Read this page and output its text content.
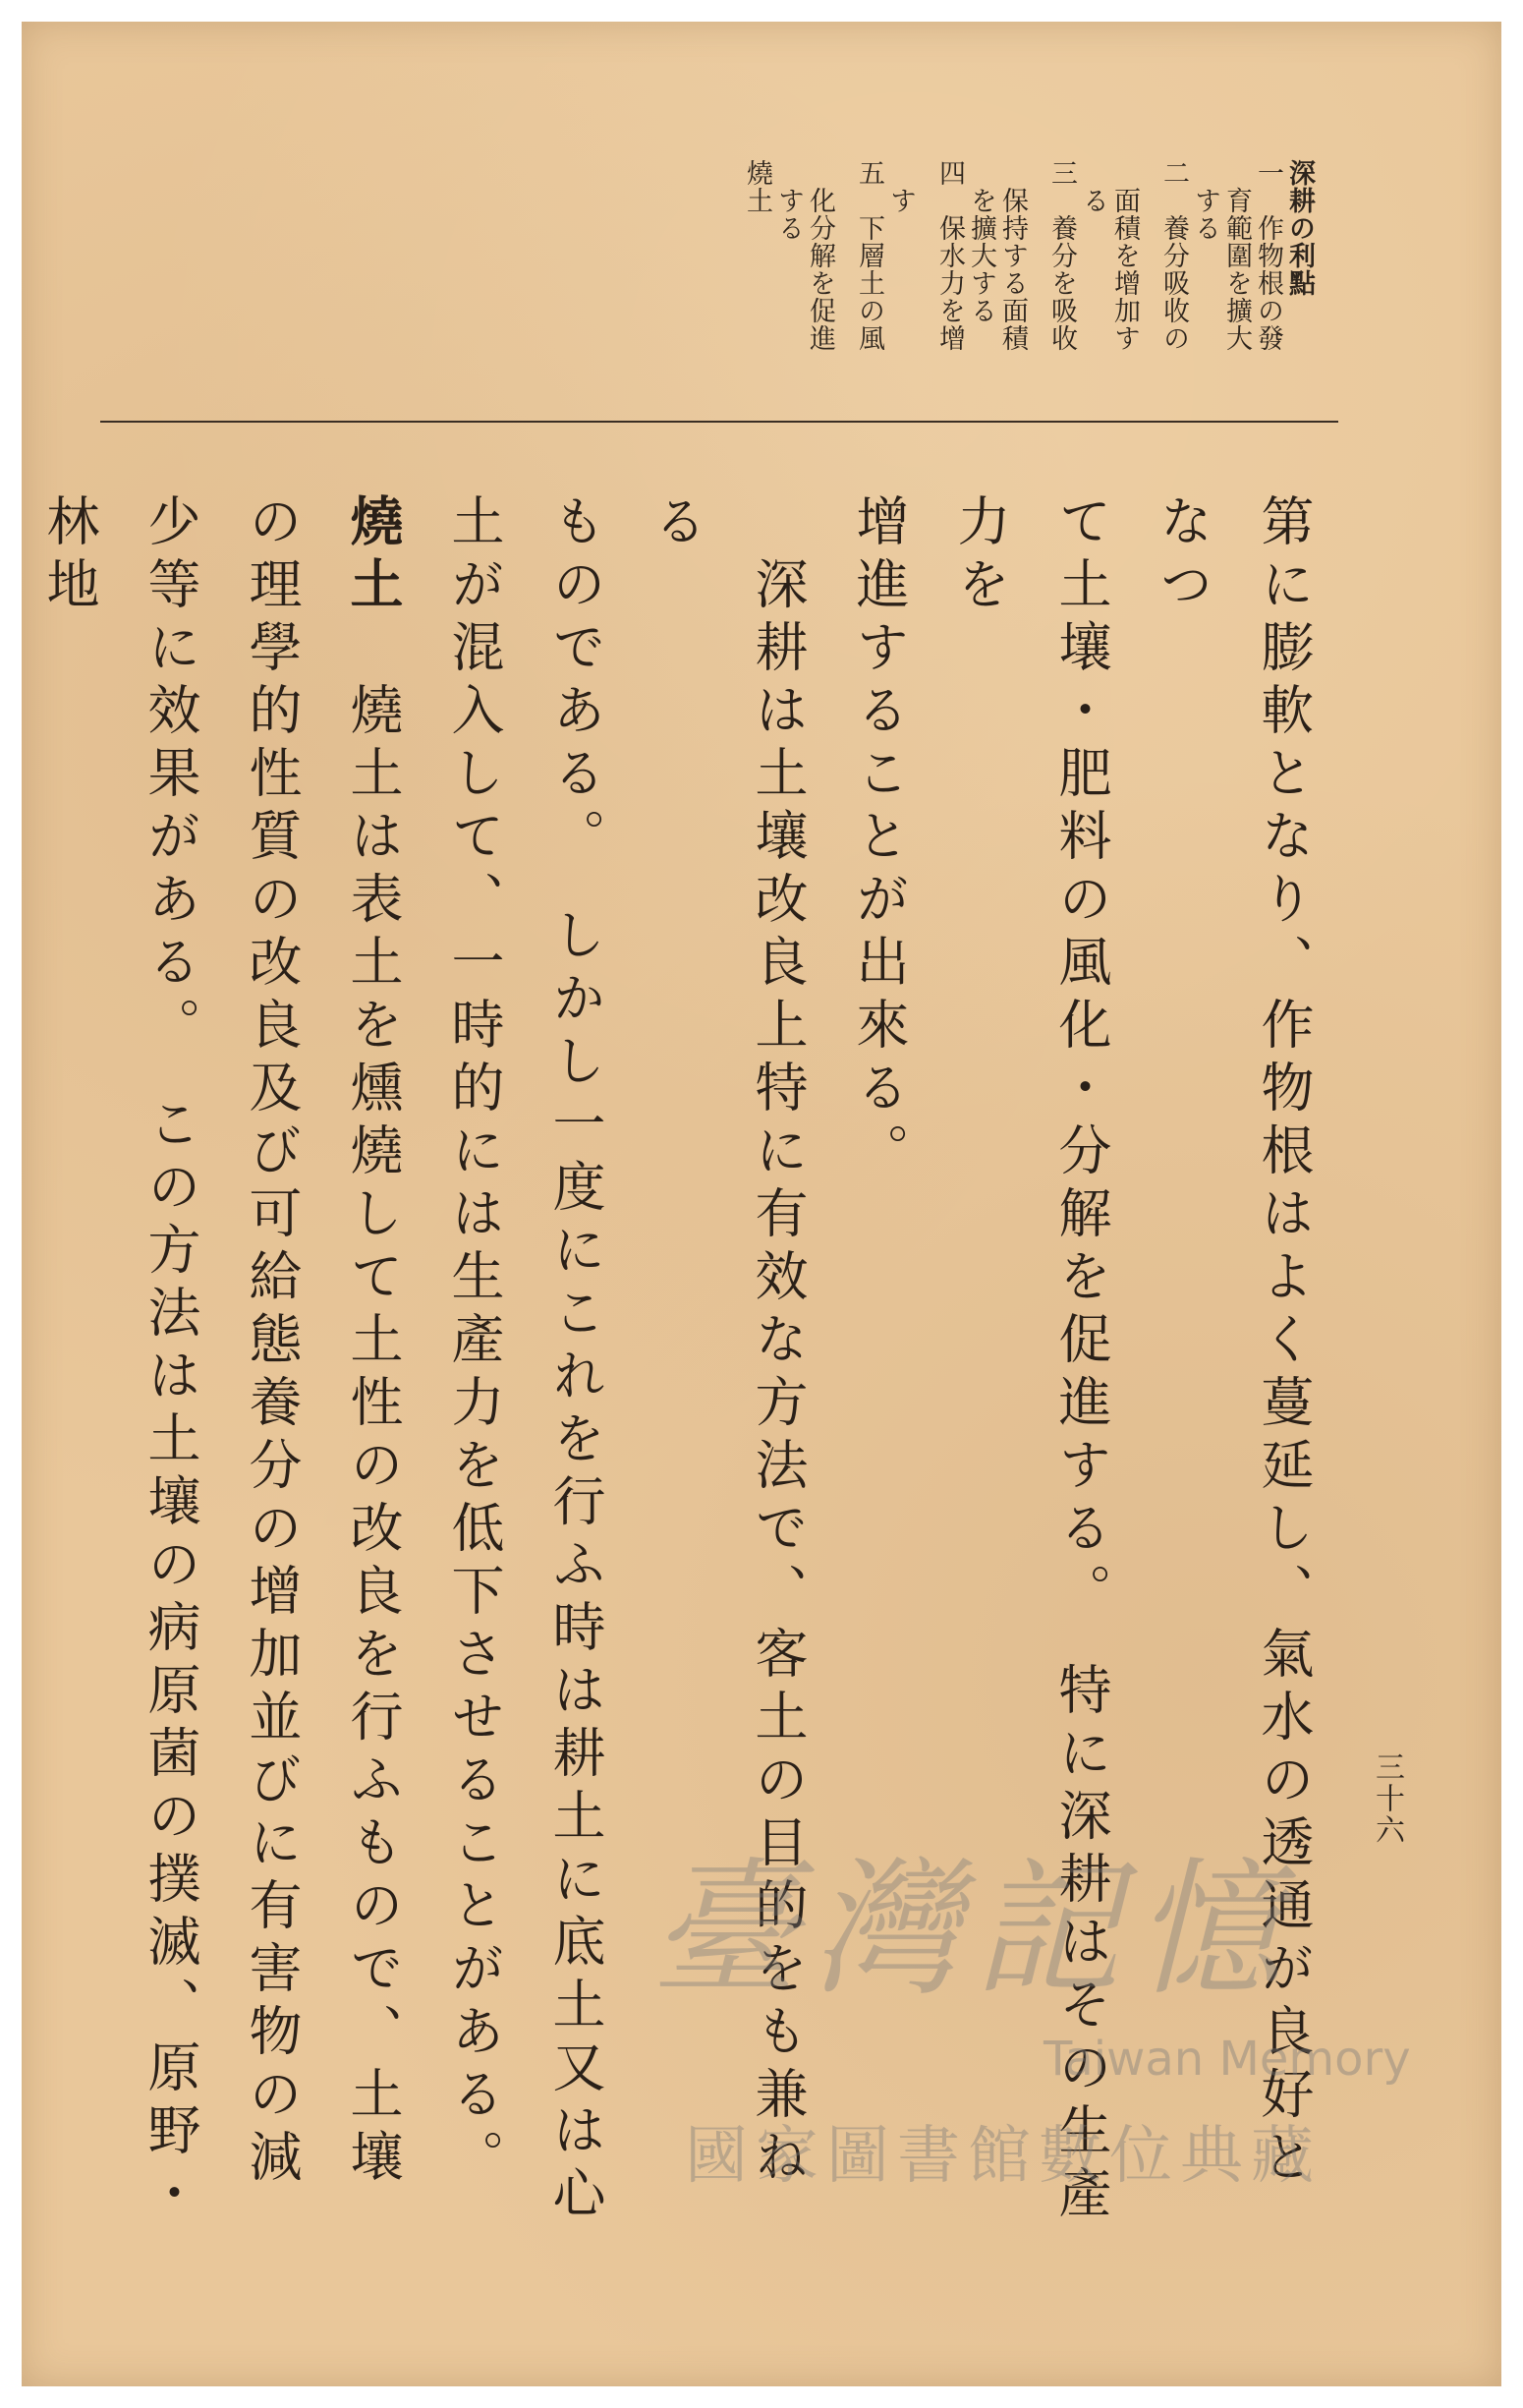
深耕の利點
一　作物根の發
　育範圍を擴大
　する
二　養分吸收の
　面積を增加す
　る
三　養分を吸收
　保持する面積
　を擴大する
四　保水力を增
　す
五　下層土の風
　化分解を促進
　する
燒土
第に膨軟となり、作物根はよく蔓延し、氣水の透通が良好となつ
て土壤・肥料の風化・分解を促進する。　特に深耕はその生產力を
增進することが出來る。
　深耕は土壤改良上特に有效な方法で、客土の目的をも兼ねる
ものである。　しかし一度にこれを行ふ時は耕土に底土又は心
土が混入して、一時的には生產力を低下させることがある。
燒土　燒土は表土を燻燒して土性の改良を行ふもので、土壤
の理學的性質の改良及び可給態養分の增加並びに有害物の減
少等に效果がある。　この方法は土壤の病原菌の撲滅、原野・林地
三十六
臺灣記憶
Taiwan Memory
國家圖書館數位典藏
